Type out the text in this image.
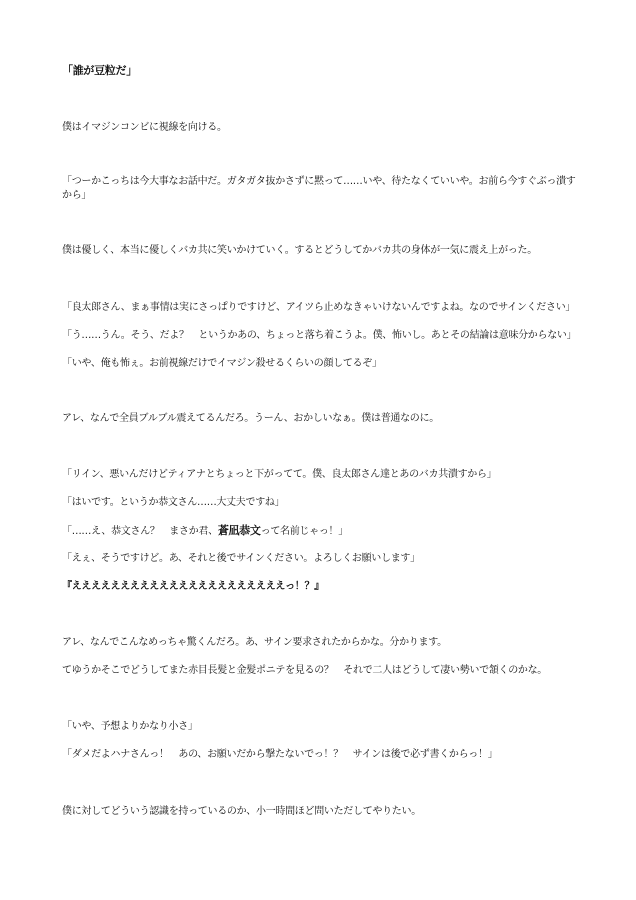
「誰が豆粒だ」
僕はイマジンコンビに視線を向ける。
「つーかこっちは今大事なお話中だ。ガタガタ抜かさずに黙って……いや、待たなくていいや。お前ら今すぐぶっ潰すから」
僕は優しく、本当に優しくバカ共に笑いかけていく。するとどうしてかバカ共の身体が一気に震え上がった。
「良太郎さん、まぁ事情は実にさっぱりですけど、アイツら止めなきゃいけないんですよね。なのでサインください」
「う……うん。そう、だよ？　というかあの、ちょっと落ち着こうよ。僕、怖いし。あとその結論は意味分からない」
「いや、俺も怖ぇ。お前視線だけでイマジン殺せるくらいの顔してるぞ」
アレ、なんで全員ブルブル震えてるんだろ。うーん、おかしいなぁ。僕は普通なのに。
「リイン、悪いんだけどティアナとちょっと下がってて。僕、良太郎さん達とあのバカ共潰すから」
「はいです。というか恭文さん……大丈夫ですね」
「……え、恭文さん？　まさか君、蒼凪恭文って名前じゃっ！」
「えぇ、そうですけど。あ、それと後でサインください。よろしくお願いします」
『ええええええええええええええええええええええっ！？』
アレ、なんでこんなめっちゃ驚くんだろ。あ、サイン要求されたからかな。分かります。
てゆうかそこでどうしてまた赤目長髪と金髪ポニテを見るの？　それで二人はどうして凄い勢いで頷くのかな。
「いや、予想よりかなり小さ」
「ダメだよハナさんっ！　あの、お願いだから撃たないでっ！？　サインは後で必ず書くからっ！」
僕に対してどういう認識を持っているのか、小一時間ほど問いただしてやりたい。
